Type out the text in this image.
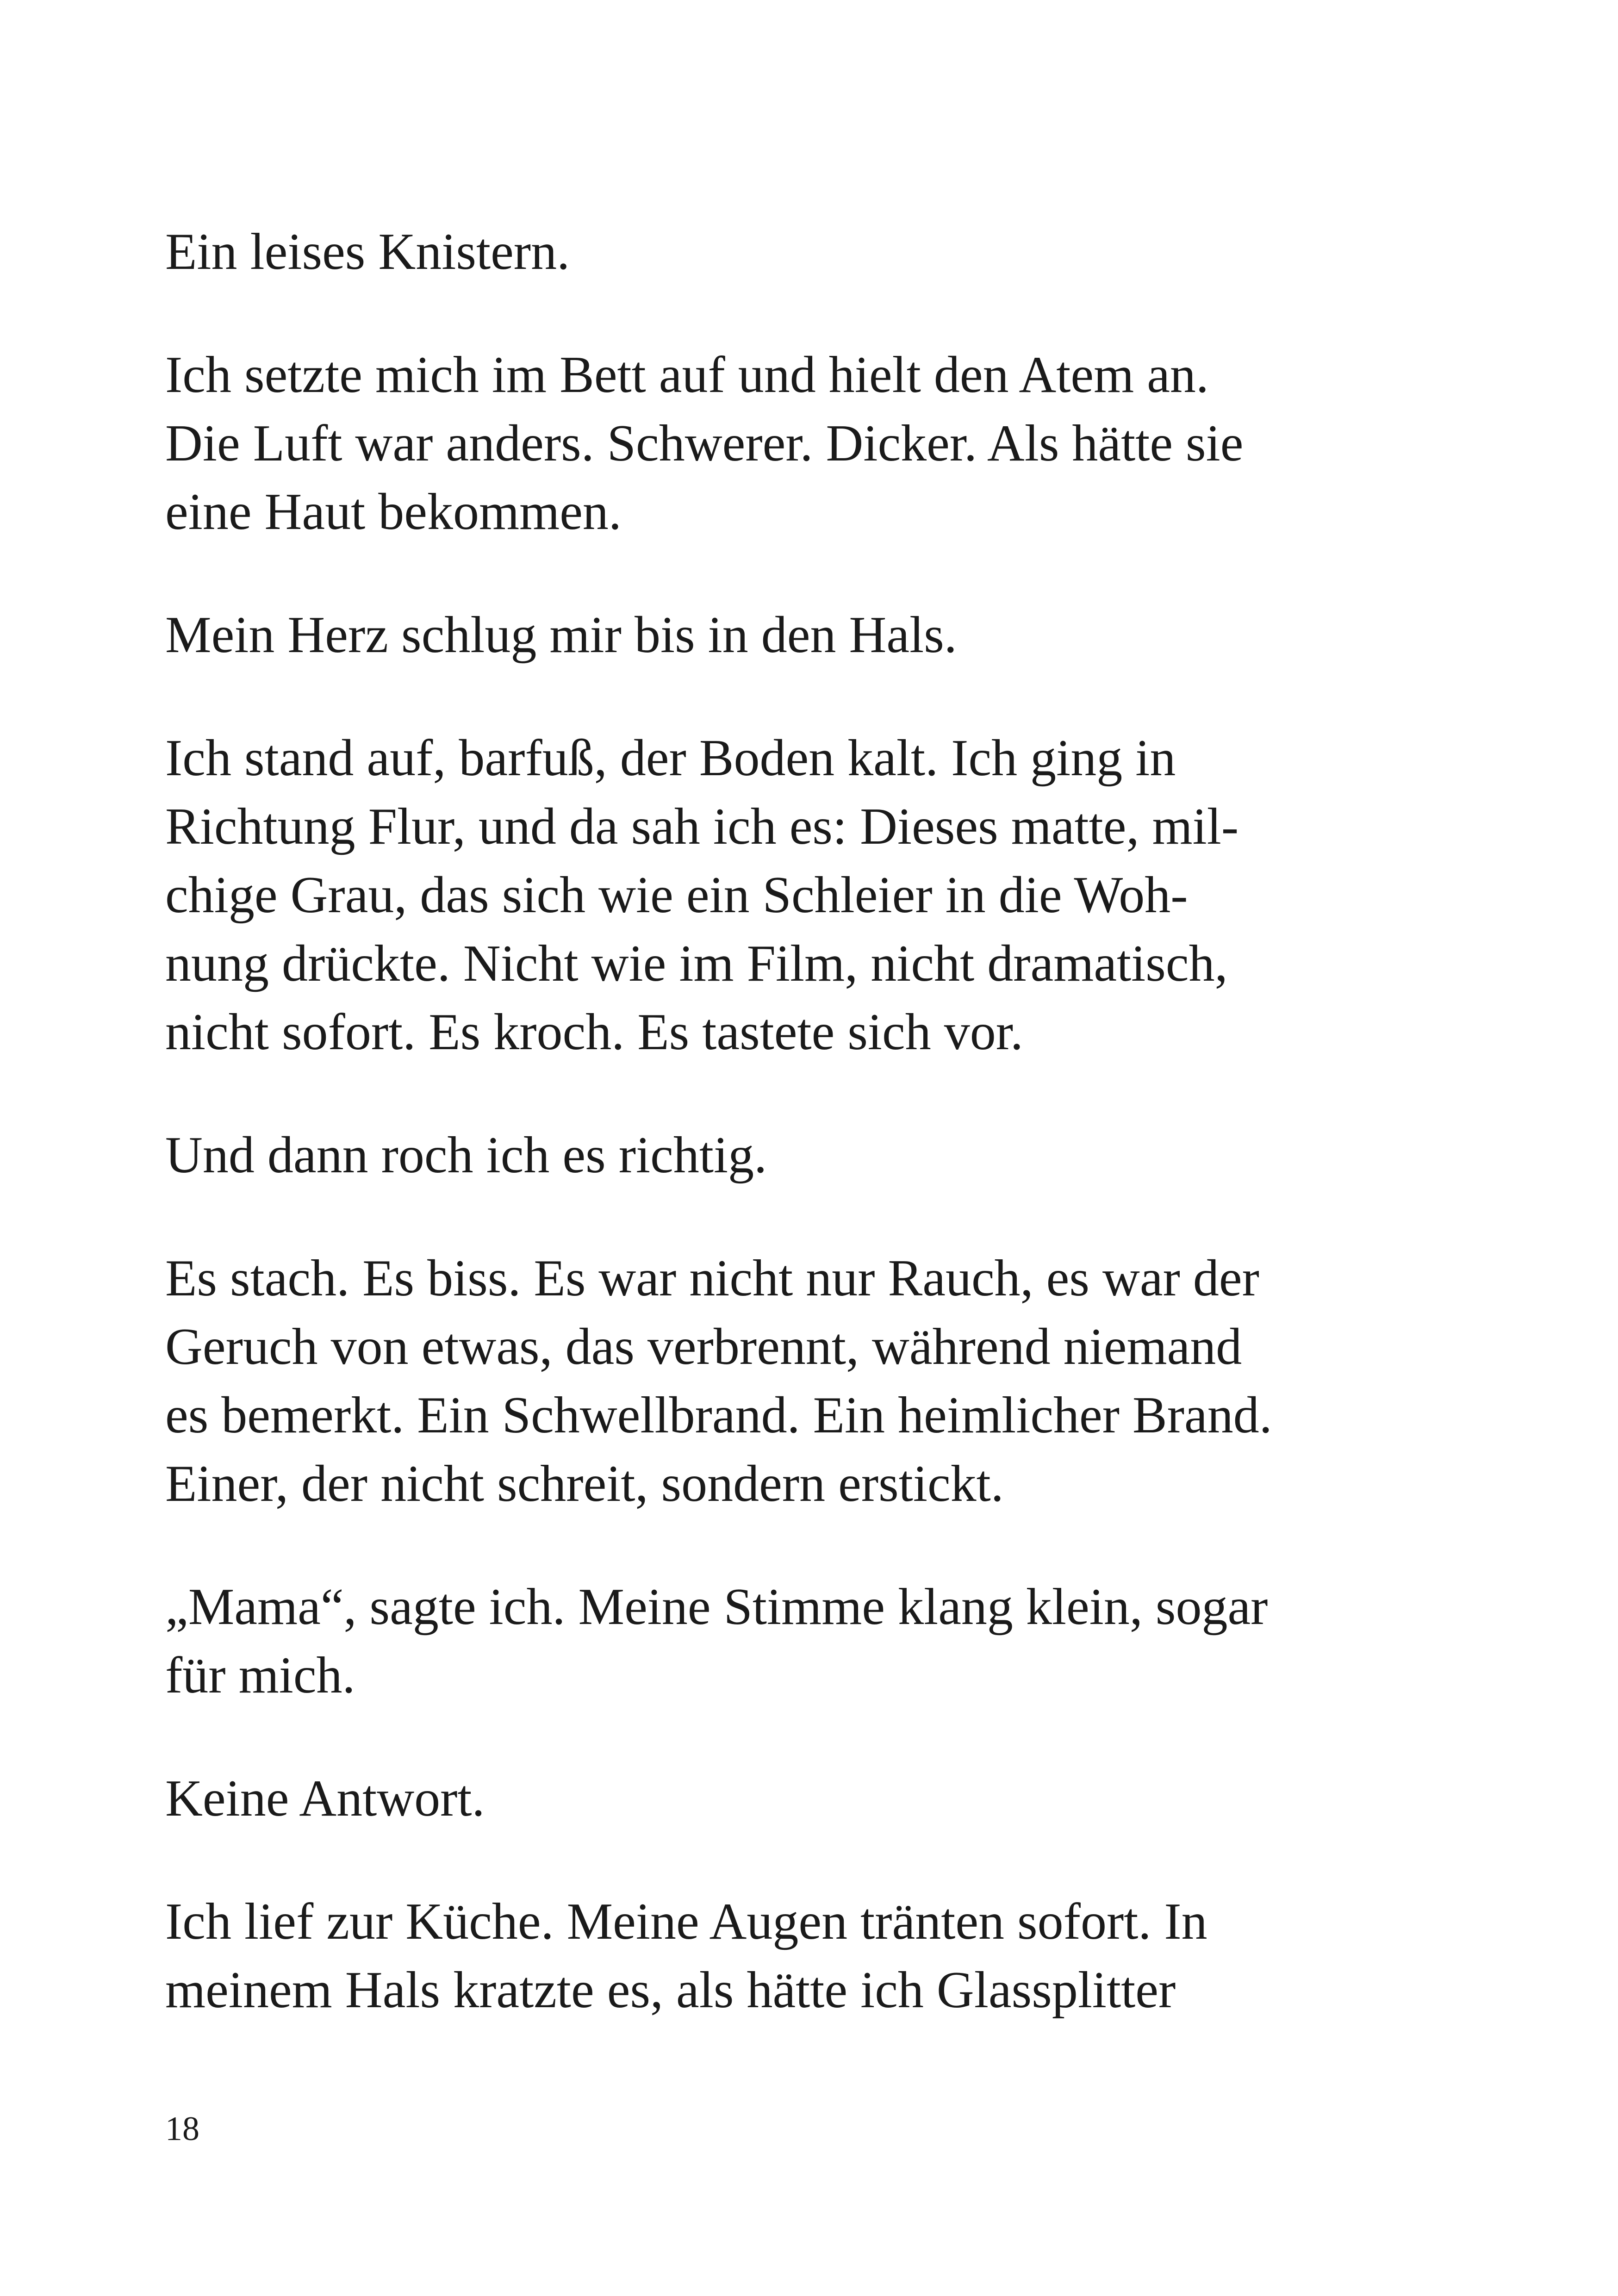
Ein leises Knistern.

Ich setzte mich im Bett auf und hielt den Atem an.
Die Luft war anders. Schwerer. Dicker. Als hätte sie
eine Haut bekommen.

Mein Herz schlug mir bis in den Hals.

Ich stand auf, barfuß, der Boden kalt. Ich ging in
Richtung Flur, und da sah ich es: Dieses matte, mil-
chige Grau, das sich wie ein Schleier in die Woh-
nung drückte. Nicht wie im Film, nicht dramatisch,
nicht sofort. Es kroch. Es tastete sich vor.

Und dann roch ich es richtig.

Es stach. Es biss. Es war nicht nur Rauch, es war der
Geruch von etwas, das verbrennt, während niemand
es bemerkt. Ein Schwellbrand. Ein heimlicher Brand.
Einer, der nicht schreit, sondern erstickt.

„Mama“, sagte ich. Meine Stimme klang klein, sogar
für mich.

Keine Antwort.

Ich lief zur Küche. Meine Augen tränten sofort. In
meinem Hals kratzte es, als hätte ich Glassplitter

18
